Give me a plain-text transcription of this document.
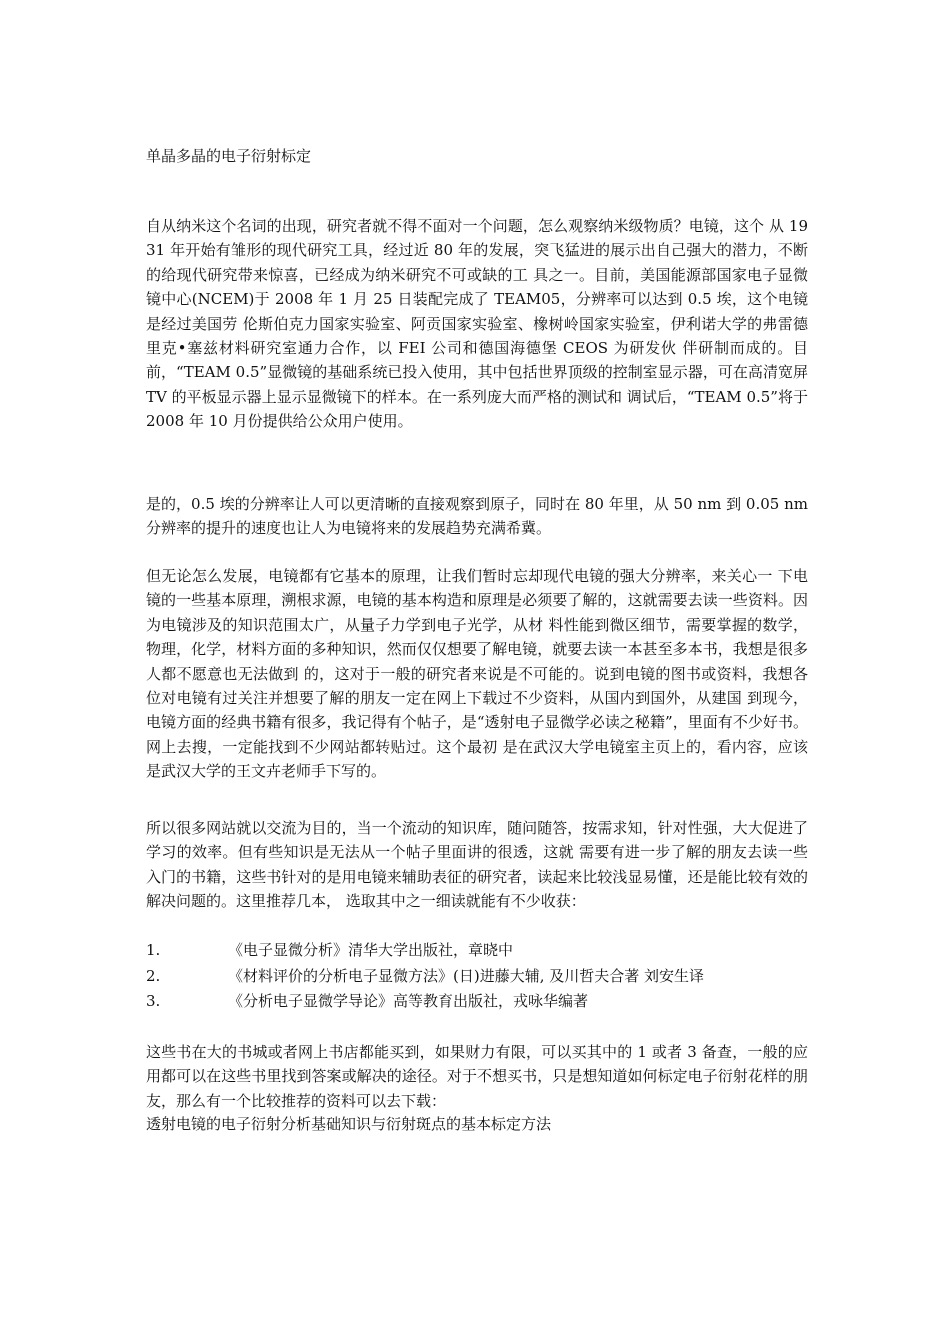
单晶多晶的电子衍射标定

自从纳米这个名词的出现，研究者就不得不面对一个问题，怎么观察纳米级物质？电镜，这个 从 1931 年开始有雏形的现代研究工具，经过近 80 年的发展，突飞猛进的展示出自己强大的潜力，不断的给现代研究带来惊喜，已经成为纳米研究不可或缺的工 具之一。目前，美国能源部国家电子显微镜中心(NCEM)于 2008 年 1 月 25 日装配完成了 TEAM05，分辨率可以达到 0.5 埃，这个电镜是经过美国劳 伦斯伯克力国家实验室、阿贡国家实验室、橡树岭国家实验室，伊利诺大学的弗雷德里克•塞兹材料研究室通力合作，以 FEI 公司和德国海德堡 CEOS 为研发伙 伴研制而成的。目前，“TEAM 0.5”显微镜的基础系统已投入使用，其中包括世界顶级的控制室显示器，可在高清宽屏 TV 的平板显示器上显示显微镜下的样本。在一系列庞大而严格的测试和 调试后，“TEAM 0.5”将于 2008 年 10 月份提供给公众用户使用。

是的，0.5 埃的分辨率让人可以更清晰的直接观察到原子，同时在 80 年里，从 50 nm 到 0.05 nm 分辨率的提升的速度也让人为电镜将来的发展趋势充满希冀。

但无论怎么发展，电镜都有它基本的原理，让我们暂时忘却现代电镜的强大分辨率，来关心一 下电镜的一些基本原理，溯根求源，电镜的基本构造和原理是必须要了解的，这就需要去读一些资料。因为电镜涉及的知识范围太广，从量子力学到电子光学，从材 料性能到微区细节，需要掌握的数学，物理，化学，材料方面的多种知识，然而仅仅想要了解电镜，就要去读一本甚至多本书，我想是很多人都不愿意也无法做到 的，这对于一般的研究者来说是不可能的。说到电镜的图书或资料，我想各位对电镜有过关注并想要了解的朋友一定在网上下载过不少资料，从国内到国外，从建国 到现今，电镜方面的经典书籍有很多，我记得有个帖子，是“透射电子显微学必读之秘籍”，里面有不少好书。网上去搜，一定能找到不少网站都转贴过。这个最初 是在武汉大学电镜室主页上的，看内容，应该是武汉大学的王文卉老师手下写的。

所以很多网站就以交流为目的，当一个流动的知识库，随问随答，按需求知，针对性强，大大促进了学习的效率。但有些知识是无法从一个帖子里面讲的很透，这就 需要有进一步了解的朋友去读一些入门的书籍，这些书针对的是用电镜来辅助表征的研究者，读起来比较浅显易懂，还是能比较有效的解决问题的。这里推荐几本， 选取其中之一细读就能有不少收获：

1.	《电子显微分析》清华大学出版社，章晓中
2.	《材料评价的分析电子显微方法》(日)进藤大辅, 及川哲夫合著 刘安生译
3.	《分析电子显微学导论》高等教育出版社，戎咏华编著

这些书在大的书城或者网上书店都能买到，如果财力有限，可以买其中的 1 或者 3 备查，一般的应用都可以在这些书里找到答案或解决的途径。对于不想买书，只是想知道如何标定电子衍射花样的朋友，那么有一个比较推荐的资料可以去下载：

透射电镜的电子衍射分析基础知识与衍射斑点的基本标定方法
